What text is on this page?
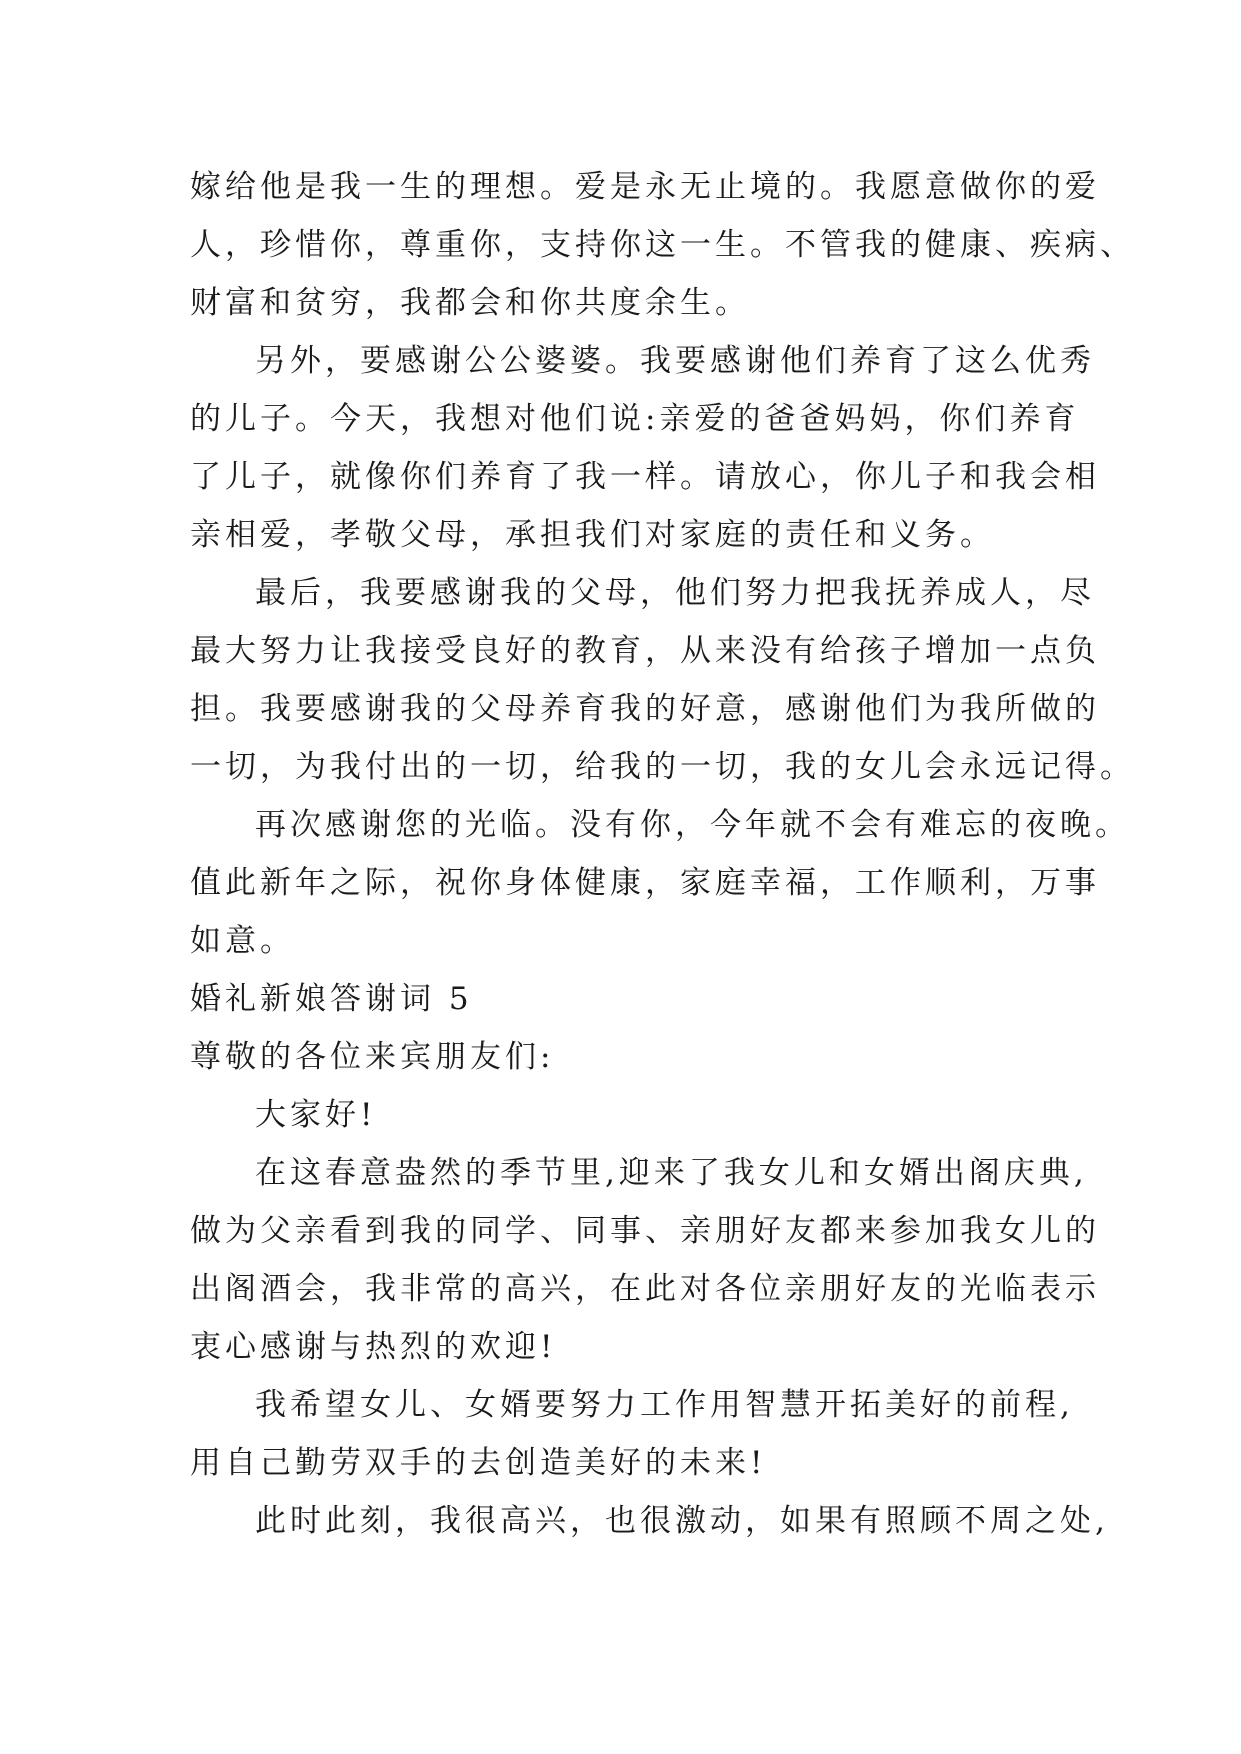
嫁给他是我一生的理想。爱是永无止境的。我愿意做你的爱
人，珍惜你，尊重你，支持你这一生。不管我的健康、疾病、
财富和贫穷，我都会和你共度余生。
另外，要感谢公公婆婆。我要感谢他们养育了这么优秀
的儿子。今天，我想对他们说:亲爱的爸爸妈妈，你们养育
了儿子，就像你们养育了我一样。请放心，你儿子和我会相
亲相爱，孝敬父母，承担我们对家庭的责任和义务。
最后，我要感谢我的父母，他们努力把我抚养成人，尽
最大努力让我接受良好的教育，从来没有给孩子增加一点负
担。我要感谢我的父母养育我的好意，感谢他们为我所做的
一切，为我付出的一切，给我的一切，我的女儿会永远记得。
再次感谢您的光临。没有你，今年就不会有难忘的夜晚。
值此新年之际，祝你身体健康，家庭幸福，工作顺利，万事
如意。
婚礼新娘答谢词 5
尊敬的各位来宾朋友们:
大家好!
在这春意盎然的季节里,迎来了我女儿和女婿出阁庆典,
做为父亲看到我的同学、同事、亲朋好友都来参加我女儿的
出阁酒会，我非常的高兴，在此对各位亲朋好友的光临表示
衷心感谢与热烈的欢迎!
我希望女儿、女婿要努力工作用智慧开拓美好的前程,
用自己勤劳双手的去创造美好的未来!
此时此刻，我很高兴，也很激动，如果有照顾不周之处,
